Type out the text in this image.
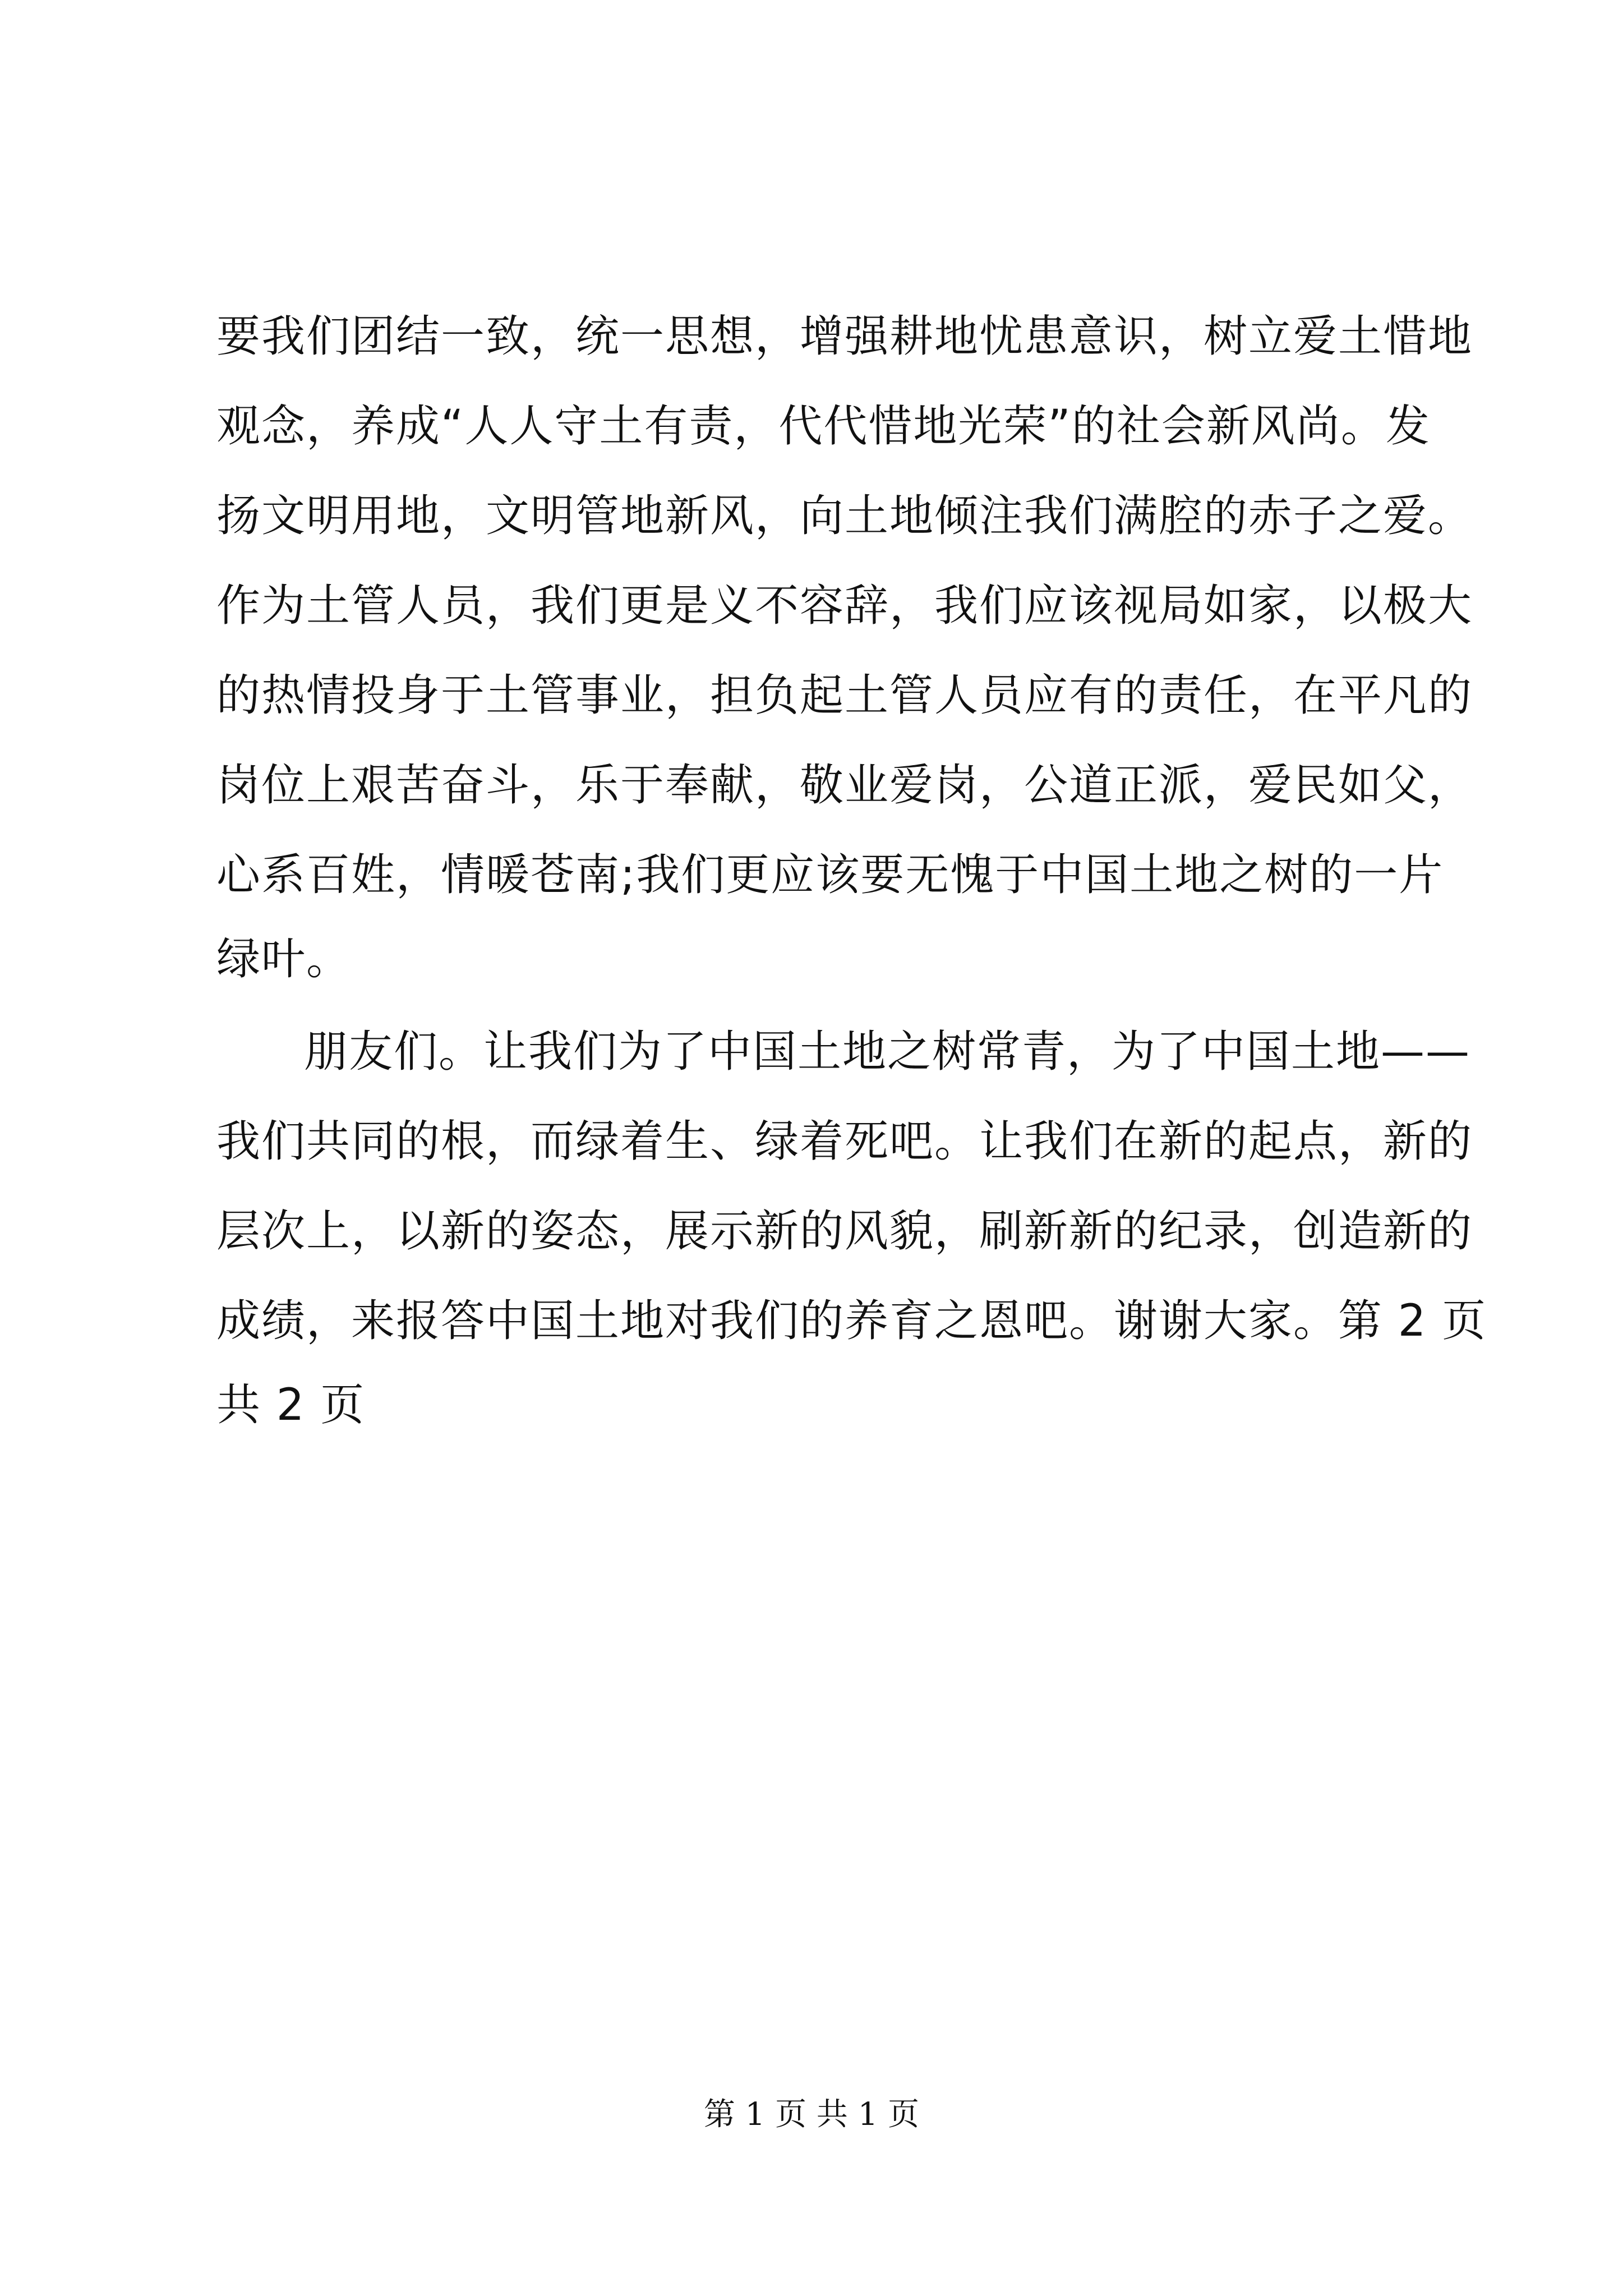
要我们团结一致，统一思想，增强耕地忧患意识，树立爱土惜地
观念，养成“人人守土有责，代代惜地光荣”的社会新风尚。发
扬文明用地，文明管地新风，向土地倾注我们满腔的赤子之爱。
作为土管人员，我们更是义不容辞，我们应该视局如家，以极大
的热情投身于土管事业，担负起土管人员应有的责任，在平凡的
岗位上艰苦奋斗，乐于奉献，敬业爱岗，公道正派，爱民如父，
心系百姓，情暖苍南;我们更应该要无愧于中国土地之树的一片
绿叶。
朋友们。让我们为了中国土地之树常青，为了中国土地——
我们共同的根，而绿着生、绿着死吧。让我们在新的起点，新的
层次上，以新的姿态，展示新的风貌，刷新新的纪录，创造新的
成绩，来报答中国土地对我们的养育之恩吧。谢谢大家。第 2 页
共 2 页
第 1 页 共 1 页
